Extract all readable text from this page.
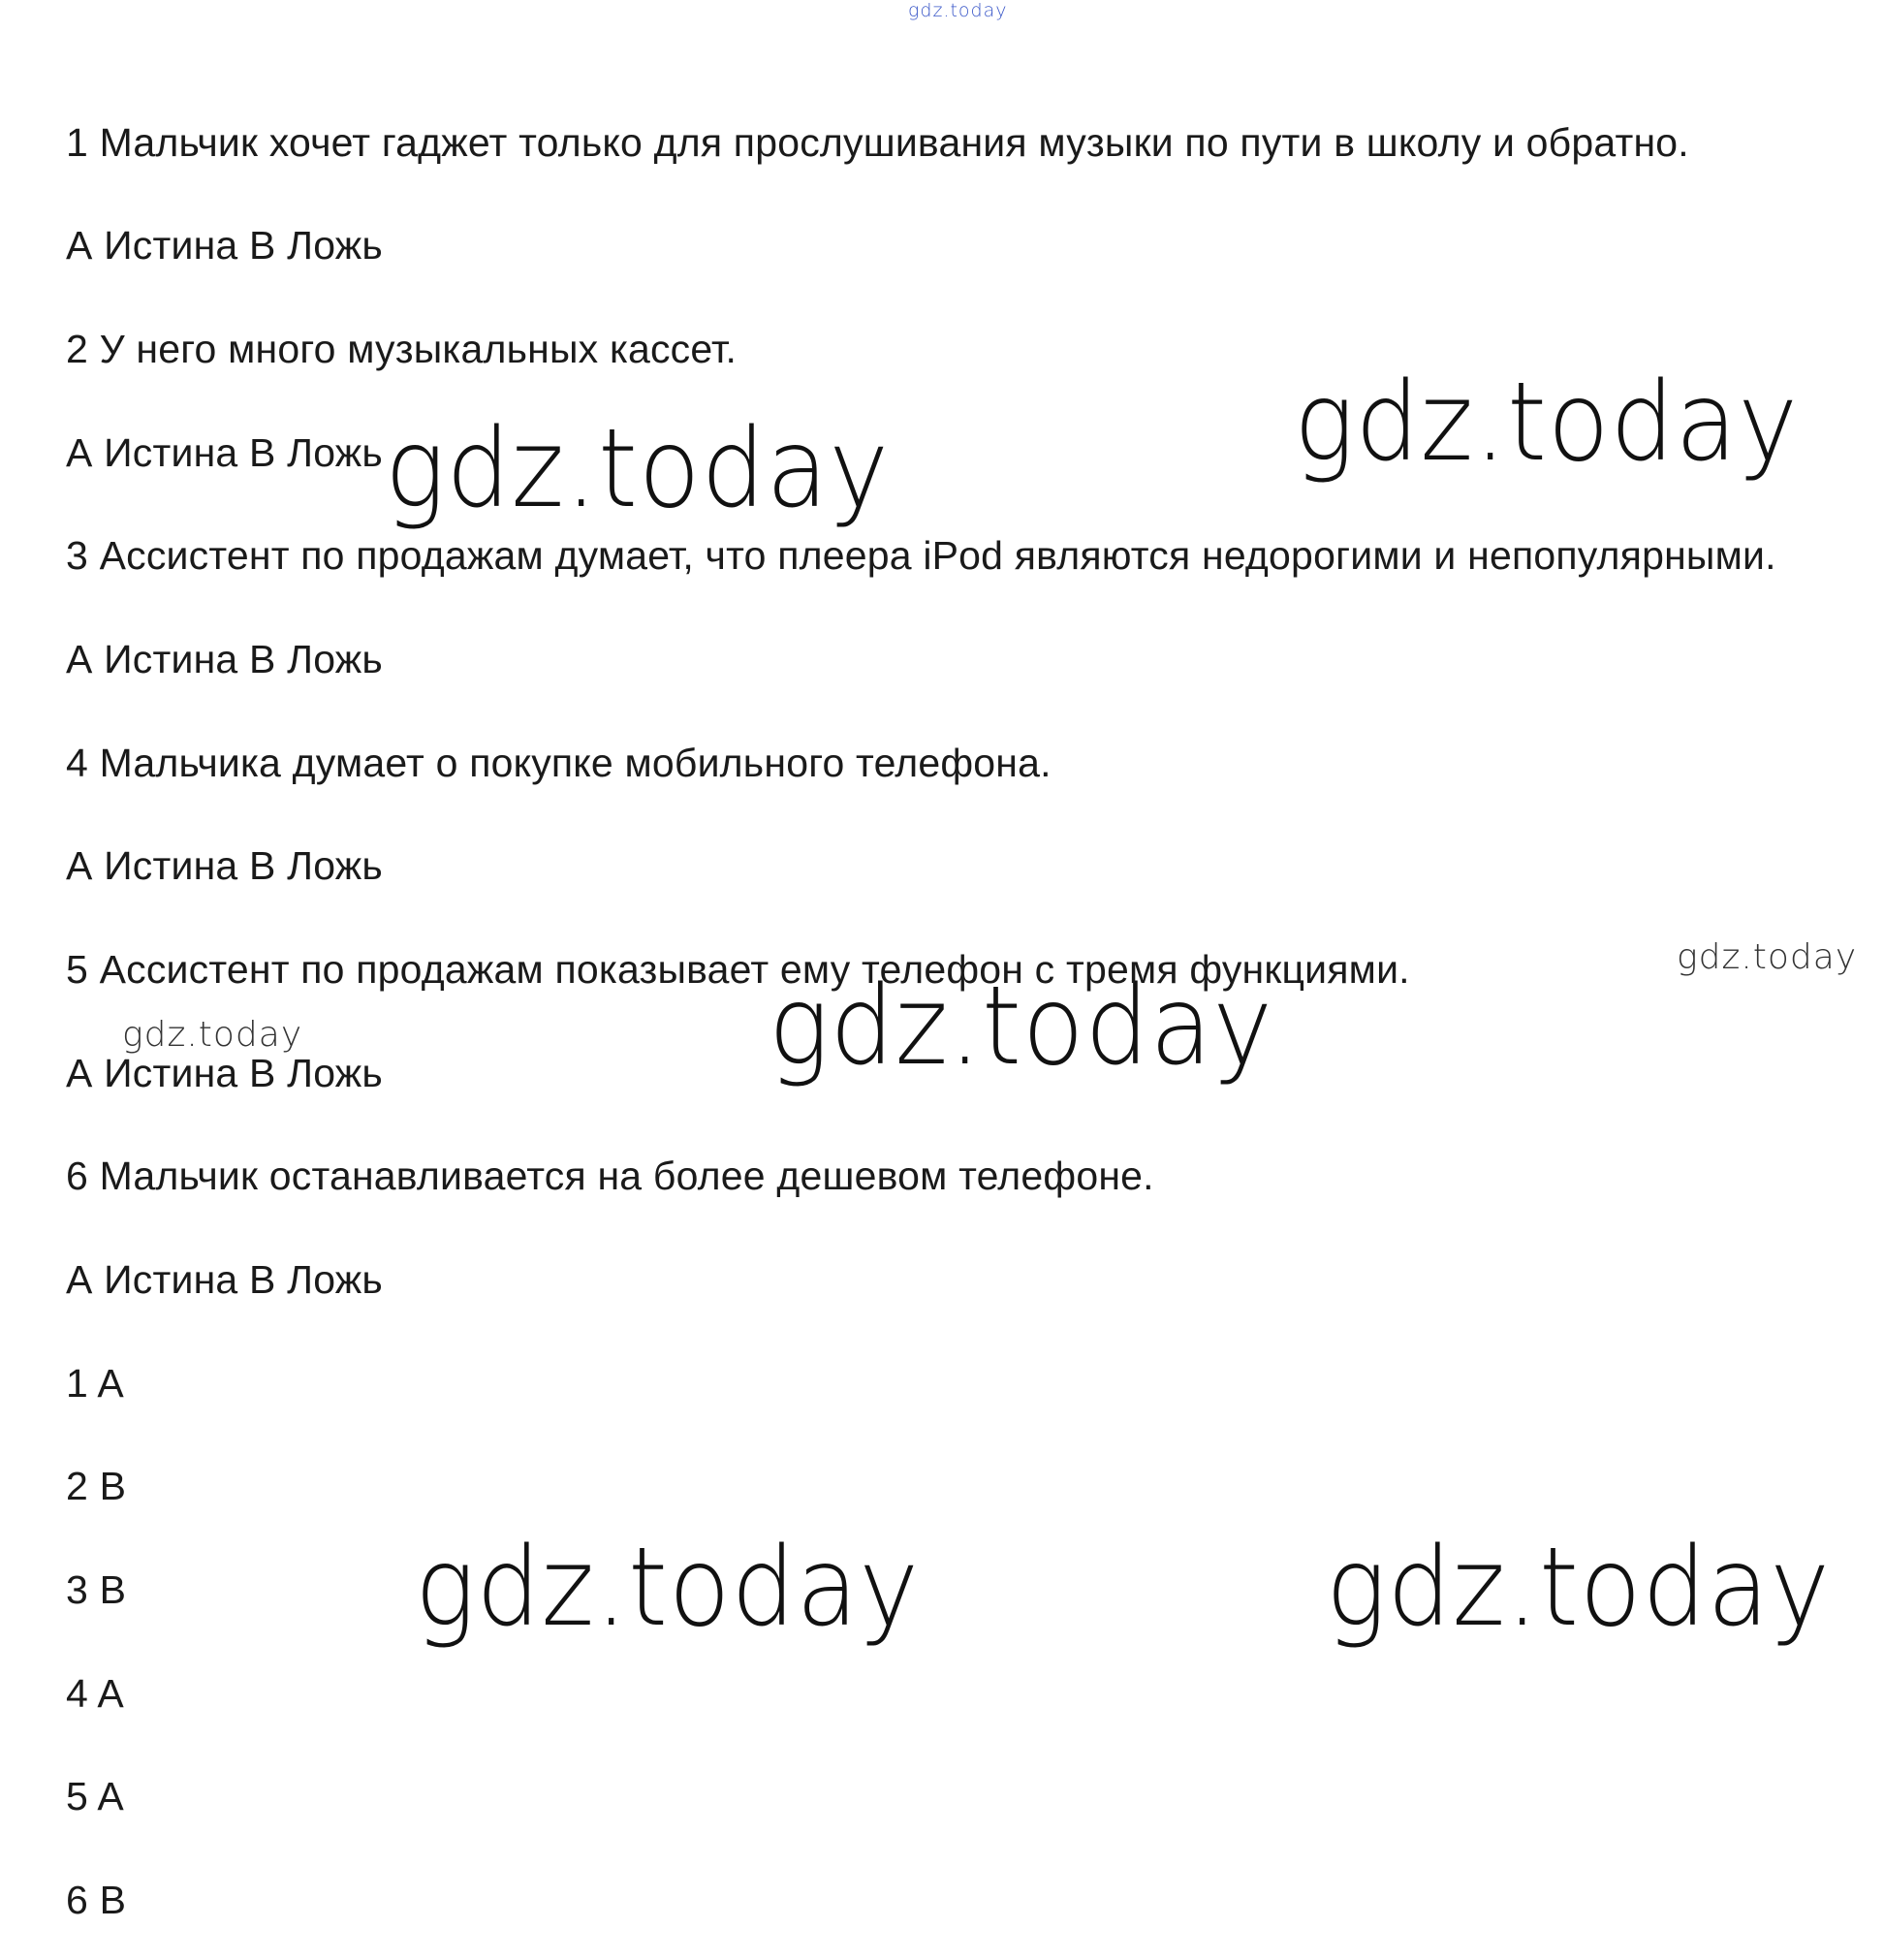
gdz.today
gdz.today
gdz.today
gdz.today
gdz.today
gdz.today
gdz.today	gdz.today
1 Мальчик хочет гаджет только для прослушивания музыки по пути в школу и обратно.
А Истина В Ложь
2 У него много музыкальных кассет.
А Истина В Ложь
3 Ассистент по продажам думает, что плеера iPod являются недорогими и непопулярными.
А Истина В Ложь
4 Мальчика думает о покупке мобильного телефона.
А Истина В Ложь
5 Ассистент по продажам показывает ему телефон с тремя функциями.
А Истина В Ложь
6 Мальчик останавливается на более дешевом телефоне.
А Истина В Ложь
1 A
2 B
3 B
4 A
5 A
6 B
